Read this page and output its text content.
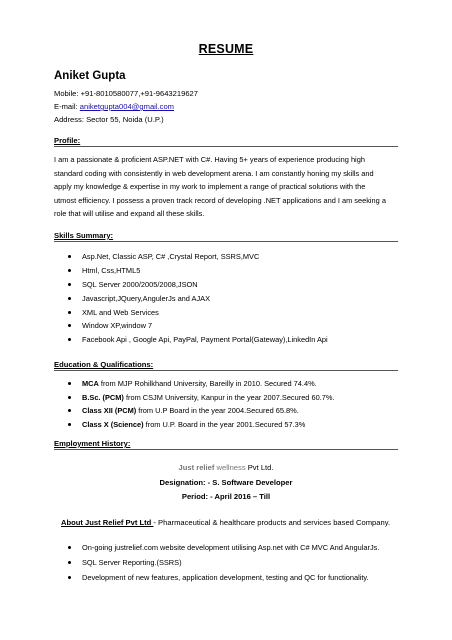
RESUME
Aniket Gupta
Mobile: +91-8010580077,+91-9643219627
E-mail: aniketgupta004@gmail.com
Address: Sector 55, Noida (U.P.)
Profile:
I am a passionate & proficient ASP.NET with C#. Having 5+ years of experience producing high
standard coding with consistently in web development arena. I am constantly honing my skills and
apply my knowledge & expertise in my work to implement a range of practical solutions with the
utmost efficiency. I possess a proven track record of developing .NET applications and I am seeking a
role that will utilise and expand all these skills.
Skills Summary:
Asp.Net, Classic ASP, C# ,Crystal Report, SSRS,MVC
Html, Css,HTML5
SQL Server 2000/2005/2008,JSON
Javascript,JQuery,AngulerJs and AJAX
XML and Web Services
Window XP,window 7
Facebook Api , Google Api, PayPal, Payment Portal(Gateway),LinkedIn Api
Education & Qualifications:
MCA from MJP Rohilkhand University, Bareilly in 2010. Secured 74.4%.
B.Sc. (PCM) from CSJM University, Kanpur in the year 2007.Secured 60.7%.
Class XII (PCM) from U.P Board in the year 2004.Secured 65.8%.
Class X (Science) from U.P. Board in the year 2001.Secured 57.3%
Employment History:
Just relief wellness Pvt Ltd.
Designation: - S. Software Developer
Period: - April 2016 – Till
About Just Relief Pvt Ltd - Pharmaceutical & healthcare products and services based Company.
On-going justrelief.com website development utilising Asp.net with C# MVC And AngularJs.
SQL Server Reporting.(SSRS)
Development of new features, application development, testing and QC for functionality.
